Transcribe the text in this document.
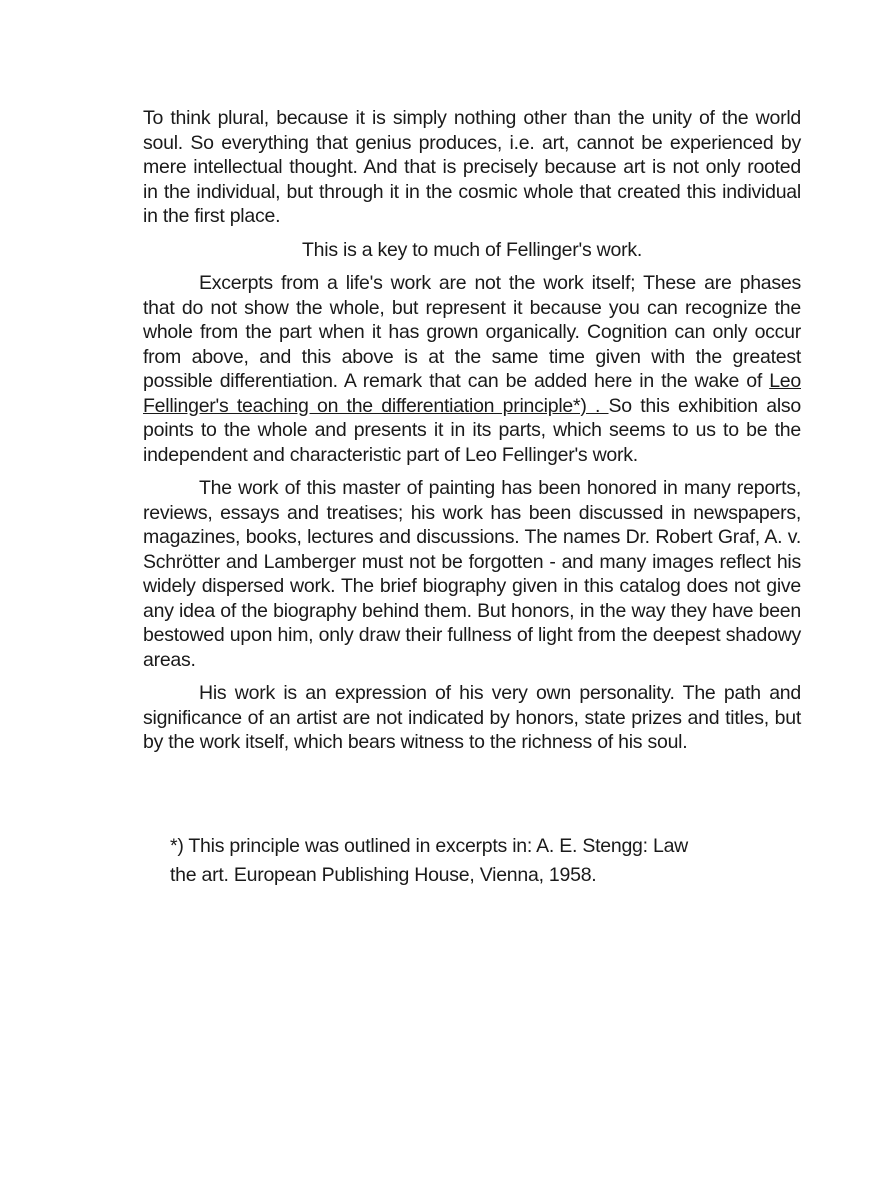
To think plural, because it is simply nothing other than the unity of the world soul. So everything that genius produces, i.e. art, cannot be experienced by mere intellectual thought. And that is precisely because art is not only rooted in the individual, but through it in the cosmic whole that created this individual in the first place.

This is a key to much of Fellinger's work.

Excerpts from a life's work are not the work itself; These are phases that do not show the whole, but represent it because you can recognize the whole from the part when it has grown organically. Cognition can only occur from above, and this above is at the same time given with the greatest possible differentiation. A remark that can be added here in the wake of Leo Fellinger's teaching on the differentiation principle*) . So this exhibition also points to the whole and presents it in its parts, which seems to us to be the independent and characteristic part of Leo Fellinger's work.

The work of this master of painting has been honored in many reports, reviews, essays and treatises; his work has been discussed in newspapers, magazines, books, lectures and discussions. The names Dr. Robert Graf, A. v. Schrötter and Lamberger must not be forgotten - and many images reflect his widely dispersed work. The brief biography given in this catalog does not give any idea of the biography behind them. But honors, in the way they have been bestowed upon him, only draw their fullness of light from the deepest shadowy areas.

His work is an expression of his very own personality. The path and significance of an artist are not indicated by honors, state prizes and titles, but by the work itself, which bears witness to the richness of his soul.

*) This principle was outlined in excerpts in: A. E. Stengg: Law
the art. European Publishing House, Vienna, 1958.
